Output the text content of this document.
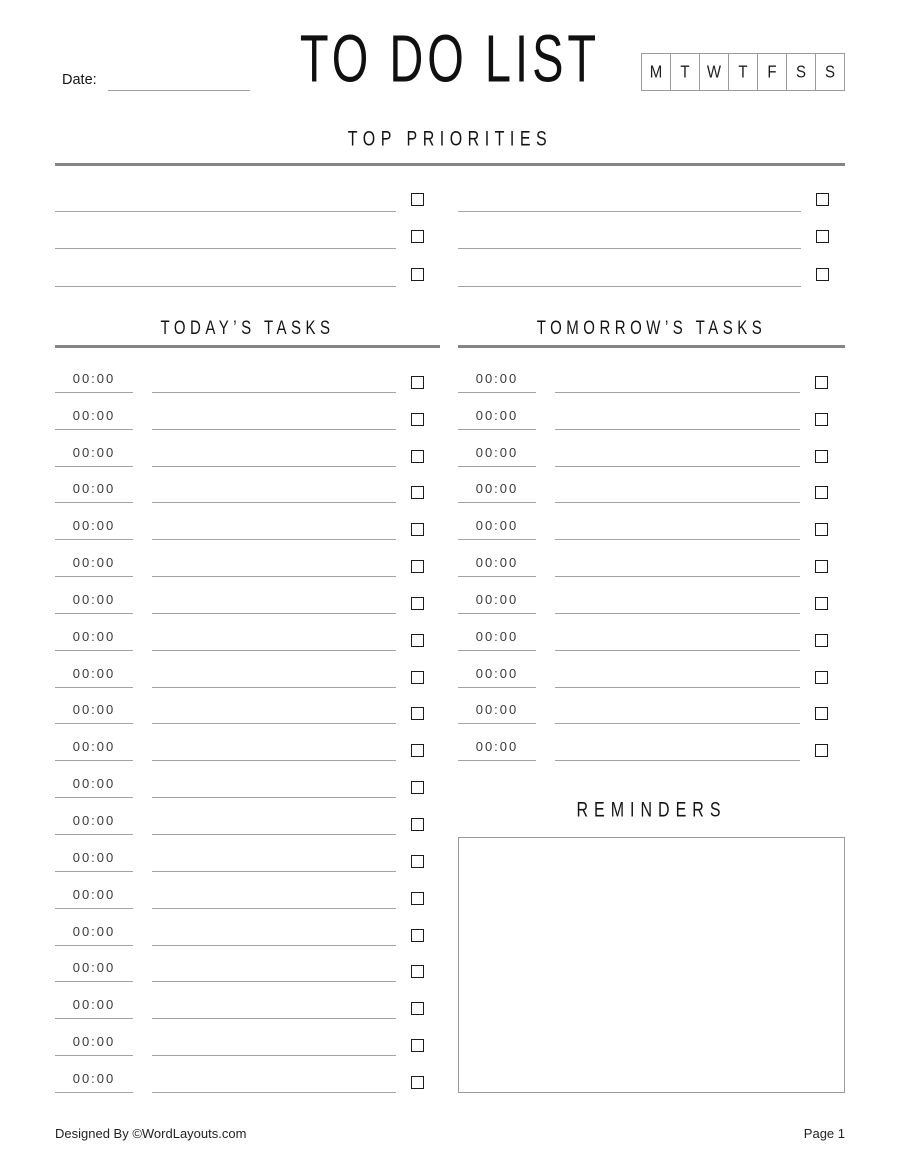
Date:	TO DO LIST	M T W T F S S
TOP PRIORITIES
TODAY’S TASKS
00:00
00:00
00:00
00:00
00:00
00:00
00:00
00:00
00:00
00:00
00:00
00:00
00:00
00:00
00:00
00:00
00:00
00:00
00:00
00:00
TOMORROW’S TASKS
00:00
00:00
00:00
00:00
00:00
00:00
00:00
00:00
00:00
00:00
00:00
REMINDERS
Designed By ©WordLayouts.com	Page 1
